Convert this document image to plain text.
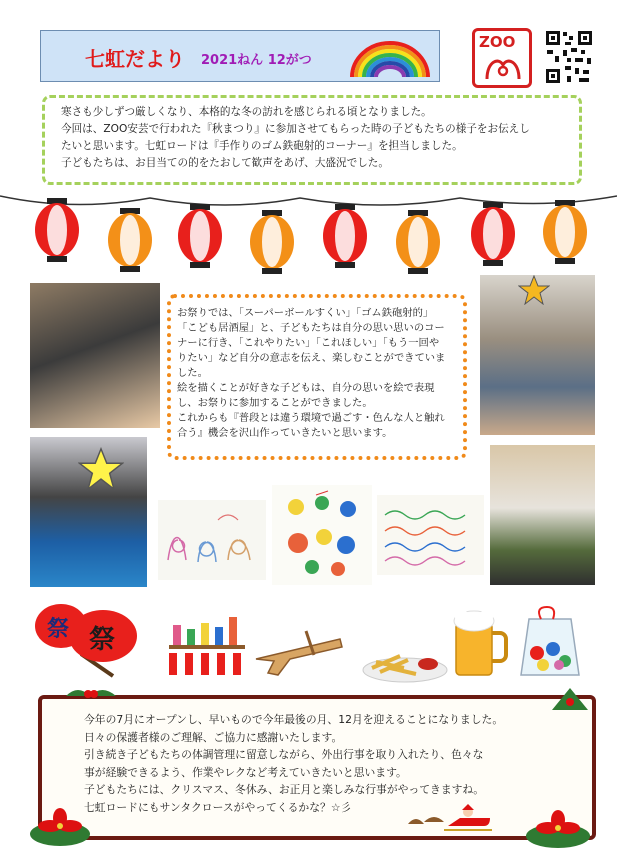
七虹だより 2021ねん 12がつ
ZOO
寒さも少しずつ厳しくなり、本格的な冬の訪れを感じられる頃となりました。
今回は、ZOO安芸で行われた『秋まつり』に参加させてもらった時の子どもたちの様子をお伝えし
たいと思います。七虹ロードは『手作りのゴム鉄砲射的コーナー』を担当しました。
子どもたちは、お目当ての的をたおして歓声をあげ、大盛況でした。
お祭りでは、「スーパーボールすくい」「ゴム鉄砲射的」
「こども居酒屋」と、子どもたちは自分の思い思いのコー
ナーに行き、「これやりたい」「これほしい」「もう一回や
りたい」など自分の意志を伝え、楽しむことができていま
した。
絵を描くことが好きな子どもは、自分の思いを絵で表現
し、お祭りに参加することができました。
これからも『普段とは違う環境で過ごす・色んな人と触れ
合う』機会を沢山作っていきたいと思います。
祭 祭
今年の7月にオープンし、早いもので今年最後の月、12月を迎えることになりました。
日々の保護者様のご理解、ご協力に感謝いたします。
引き続き子どもたちの体調管理に留意しながら、外出行事を取り入れたり、色々な
事が経験できるよう、作業やレクなど考えていきたいと思います。
子どもたちには、クリスマス、冬休み、お正月と楽しみな行事がやってきますね。
七虹ロードにもサンタクロースがやってくるかな？☆彡
